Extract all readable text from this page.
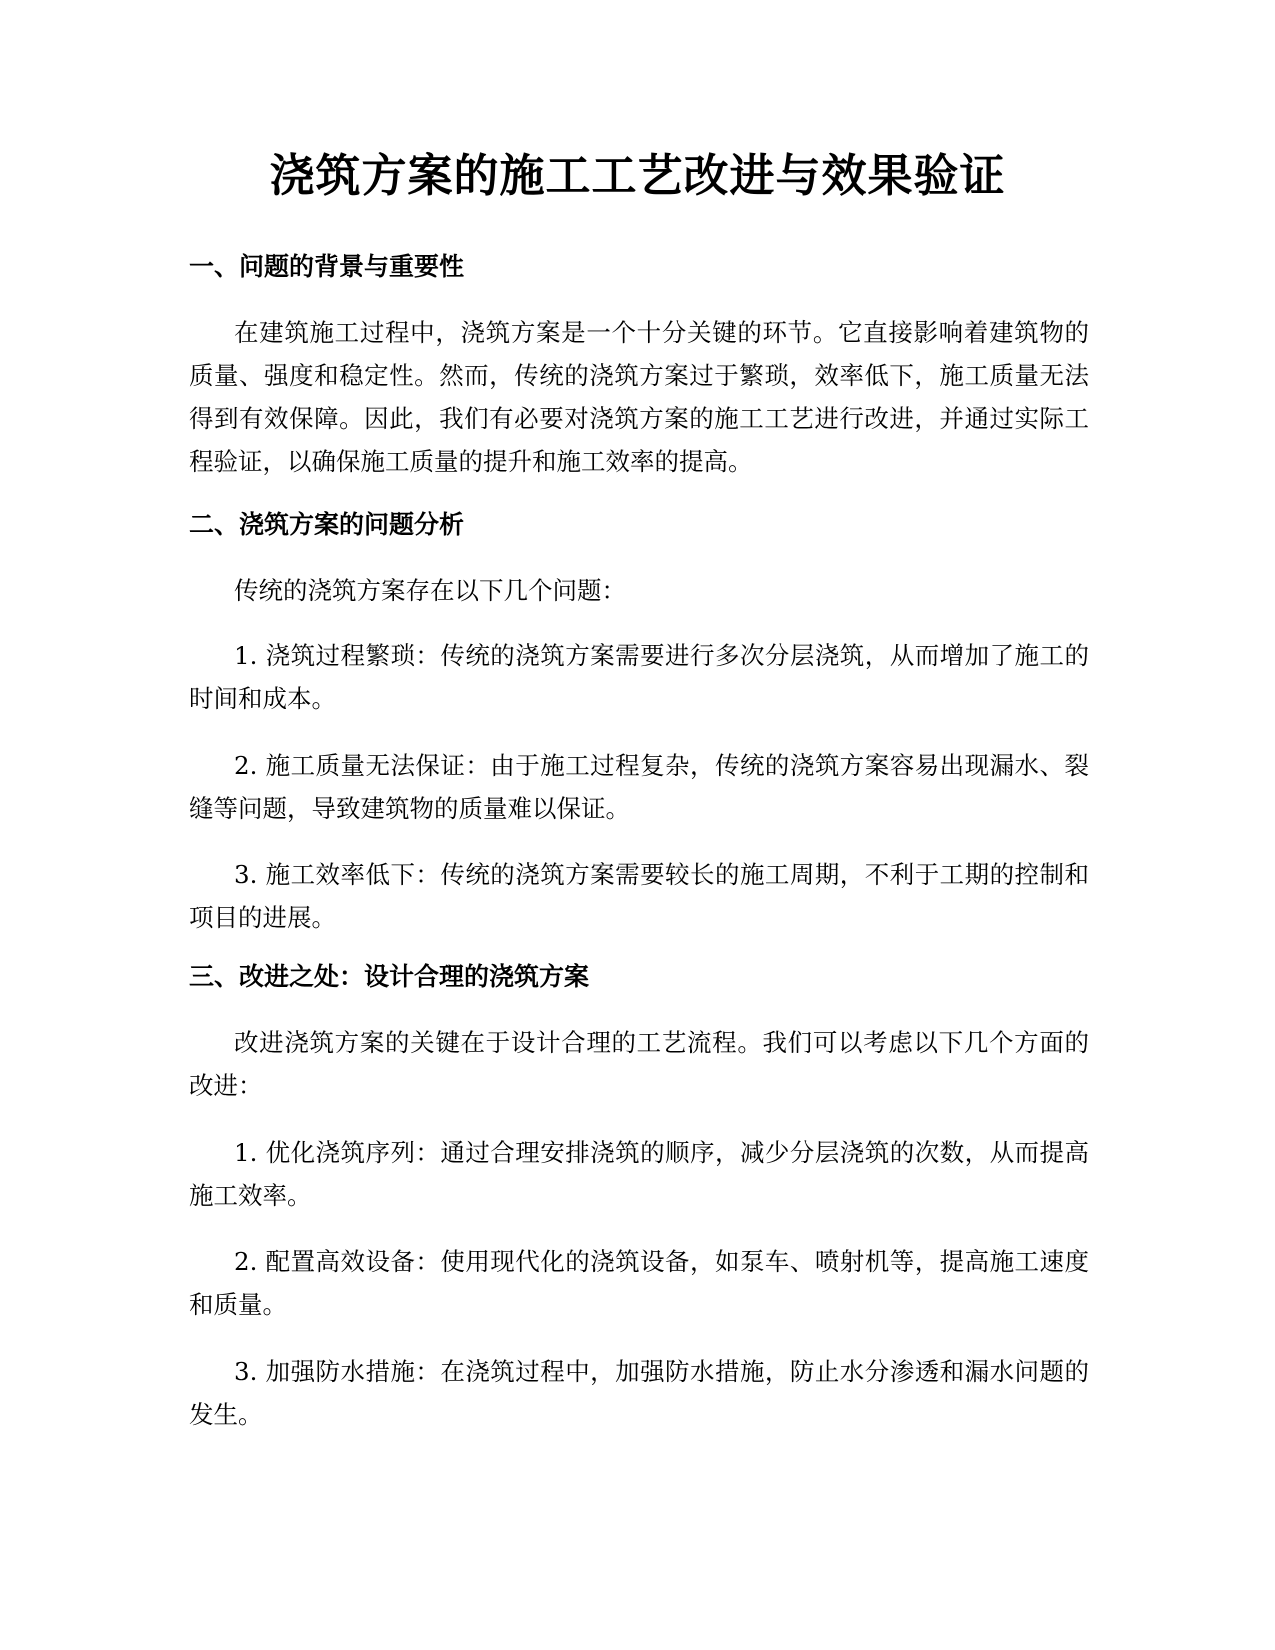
浇筑方案的施工工艺改进与效果验证
一、问题的背景与重要性

在建筑施工过程中，浇筑方案是一个十分关键的环节。它直接影响着建筑物的质量、强度和稳定性。然而，传统的浇筑方案过于繁琐，效率低下，施工质量无法得到有效保障。因此，我们有必要对浇筑方案的施工工艺进行改进，并通过实际工程验证，以确保施工质量的提升和施工效率的提高。

二、浇筑方案的问题分析

传统的浇筑方案存在以下几个问题：

1. 浇筑过程繁琐：传统的浇筑方案需要进行多次分层浇筑，从而增加了施工的时间和成本。

2. 施工质量无法保证：由于施工过程复杂，传统的浇筑方案容易出现漏水、裂缝等问题，导致建筑物的质量难以保证。

3. 施工效率低下：传统的浇筑方案需要较长的施工周期，不利于工期的控制和项目的进展。

三、改进之处：设计合理的浇筑方案

改进浇筑方案的关键在于设计合理的工艺流程。我们可以考虑以下几个方面的改进：

1. 优化浇筑序列：通过合理安排浇筑的顺序，减少分层浇筑的次数，从而提高施工效率。

2. 配置高效设备：使用现代化的浇筑设备，如泵车、喷射机等，提高施工速度和质量。

3. 加强防水措施：在浇筑过程中，加强防水措施，防止水分渗透和漏水问题的发生。
